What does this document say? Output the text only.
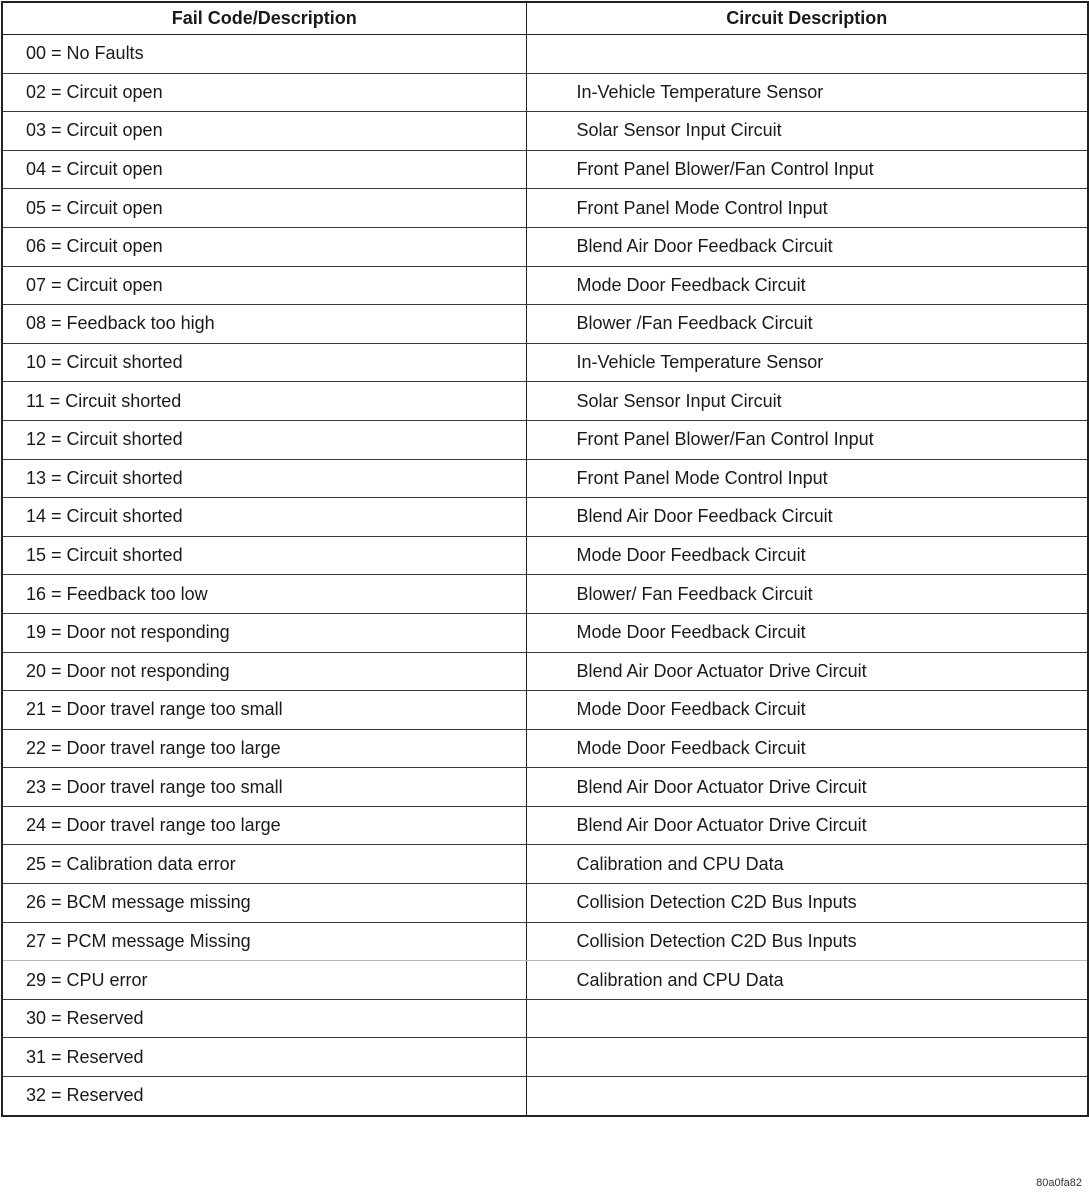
Fail Code/Description	Circuit Description
00 = No Faults	
02 = Circuit open	In-Vehicle Temperature Sensor
03 = Circuit open	Solar Sensor Input Circuit
04 = Circuit open	Front Panel Blower/Fan Control Input
05 = Circuit open	Front Panel Mode Control Input
06 = Circuit open	Blend Air Door Feedback Circuit
07 = Circuit open	Mode Door Feedback Circuit
08 = Feedback too high	Blower /Fan Feedback Circuit
10 = Circuit shorted	In-Vehicle Temperature Sensor
11 = Circuit shorted	Solar Sensor Input Circuit
12 = Circuit shorted	Front Panel Blower/Fan Control Input
13 = Circuit shorted	Front Panel Mode Control Input
14 = Circuit shorted	Blend Air Door Feedback Circuit
15 = Circuit shorted	Mode Door Feedback Circuit
16 = Feedback too low	Blower/ Fan Feedback Circuit
19 = Door not responding	Mode Door Feedback Circuit
20 = Door not responding	Blend Air Door Actuator Drive Circuit
21 = Door travel range too small	Mode Door Feedback Circuit
22 = Door travel range too large	Mode Door Feedback Circuit
23 = Door travel range too small	Blend Air Door Actuator Drive Circuit
24 = Door travel range too large	Blend Air Door Actuator Drive Circuit
25 = Calibration data error	Calibration and CPU Data
26 = BCM message missing	Collision Detection C2D Bus Inputs
27 = PCM message Missing	Collision Detection C2D Bus Inputs
29 = CPU error	Calibration and CPU Data
30 = Reserved	
31 = Reserved	
32 = Reserved	
80a0fa82
